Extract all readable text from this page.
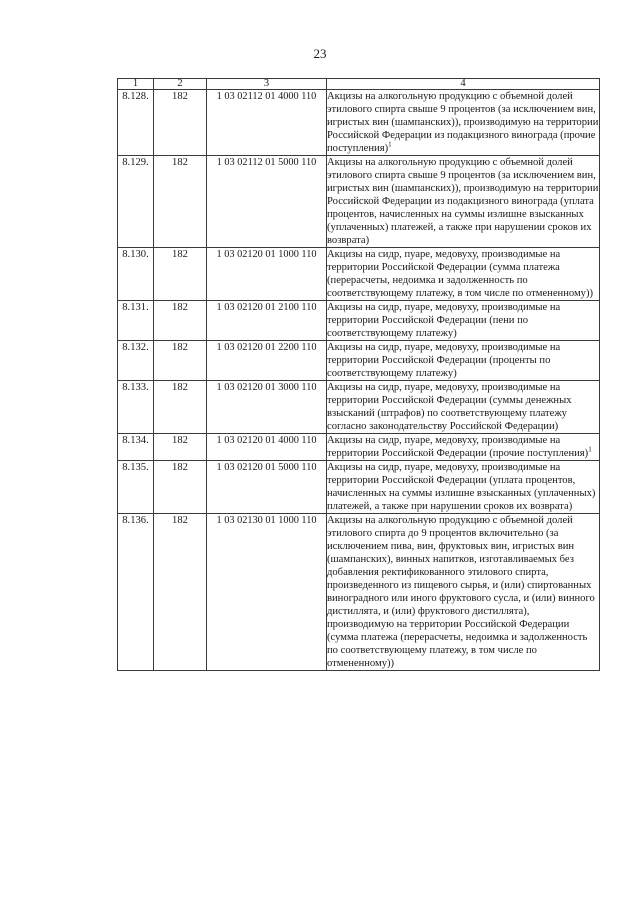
23
1	2	3	4
8.128.	182	1 03 02112 01 4000 110	Акцизы на алкогольную продукцию с объемной долей этилового спирта свыше 9 процентов (за исключением вин, игристых вин (шампанских)), производимую на территории Российской Федерации из подакцизного винограда (прочие поступления)$^1$
8.129.	182	1 03 02112 01 5000 110	Акцизы на алкогольную продукцию с объемной долей этилового спирта свыше 9 процентов (за исключением вин, игристых вин (шампанских)), производимую на территории Российской Федерации из подакцизного винограда (уплата процентов, начисленных на суммы излишне взысканных (уплаченных) платежей, а также при нарушении сроков их возврата)
8.130.	182	1 03 02120 01 1000 110	Акцизы на сидр, пуаре, медовуху, производимые на территории Российской Федерации (сумма платежа (перерасчеты, недоимка и задолженность по соответствующему платежу, в том числе по отмененному))
8.131.	182	1 03 02120 01 2100 110	Акцизы на сидр, пуаре, медовуху, производимые на территории Российской Федерации (пени по соответствующему платежу)
8.132.	182	1 03 02120 01 2200 110	Акцизы на сидр, пуаре, медовуху, производимые на территории Российской Федерации (проценты по соответствующему платежу)
8.133.	182	1 03 02120 01 3000 110	Акцизы на сидр, пуаре, медовуху, производимые на территории Российской Федерации (суммы денежных взысканий (штрафов) по соответствующему платежу согласно законодательству Российской Федерации)
8.134.	182	1 03 02120 01 4000 110	Акцизы на сидр, пуаре, медовуху, производимые на территории Российской Федерации (прочие поступления)$^1$
8.135.	182	1 03 02120 01 5000 110	Акцизы на сидр, пуаре, медовуху, производимые на территории Российской Федерации (уплата процентов, начисленных на суммы излишне взысканных (уплаченных) платежей, а также при нарушении сроков их возврата)
8.136.	182	1 03 02130 01 1000 110	Акцизы на алкогольную продукцию с объемной долей этилового спирта до 9 процентов включительно (за исключением пива, вин, фруктовых вин, игристых вин (шампанских), винных напитков, изготавливаемых без добавления ректификованного этилового спирта, произведенного из пищевого сырья, и (или) спиртованных виноградного или иного фруктового сусла, и (или) винного дистиллята, и (или) фруктового дистиллята), производимую на территории Российской Федерации (сумма платежа (перерасчеты, недоимка и задолженность по соответствующему платежу, в том числе по отмененному))
